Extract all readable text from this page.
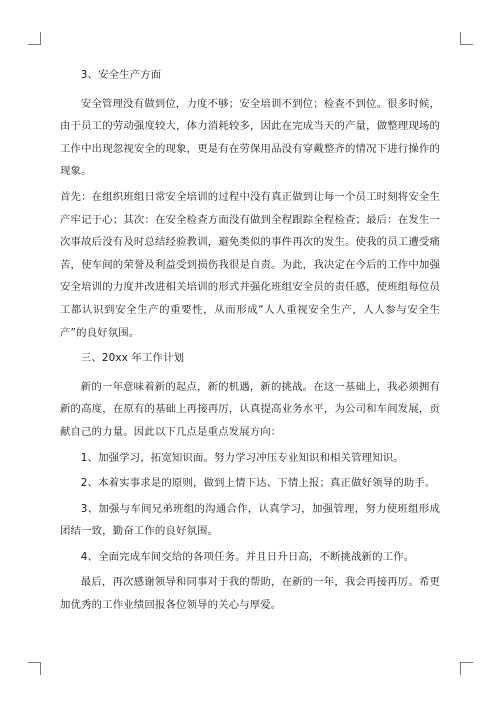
3、安全生产方面

安全管理没有做到位，力度不够；安全培训不到位；检查不到位。很多时候，由于员工的劳动强度较大，体力消耗较多，因此在完成当天的产量，做整理现场的工作中出现忽视安全的现象，更是有在劳保用品没有穿戴整齐的情况下进行操作的现象。

首先：在组织班组日常安全培训的过程中没有真正做到让每一个员工时刻将安全生产牢记于心；其次：在安全检查方面没有做到全程跟踪全程检查；最后：在发生一次事故后没有及时总结经验教训，避免类似的事件再次的发生。使我的员工遭受痛苦，使车间的荣誉及利益受到损伤我很是自责。为此，我决定在今后的工作中加强安全培训的力度并改进相关培训的形式并强化班组安全员的责任感，使班组每位员工都认识到安全生产的重要性，从而形成“人人重视安全生产，人人参与安全生产”的良好氛围。

三、20xx 年工作计划

新的一年意味着新的起点，新的机遇，新的挑战。在这一基础上，我必须拥有新的高度，在原有的基础上再接再厉，认真提高业务水平，为公司和车间发展，贡献自己的力量。因此以下几点是重点发展方向：

1、加强学习，拓宽知识面。努力学习冲压专业知识和相关管理知识。

2、本着实事求是的原则，做到上情下达、下情上报；真正做好领导的助手。

3、加强与车间兄弟班组的沟通合作，认真学习，加强管理，努力使班组形成团结一致，勤奋工作的良好氛围。

4、全面完成车间交给的各项任务。并且日升日高，不断挑战新的工作。

最后，再次感谢领导和同事对于我的帮助，在新的一年，我会再接再厉。希更加优秀的工作业绩回报各位领导的关心与厚爱。
